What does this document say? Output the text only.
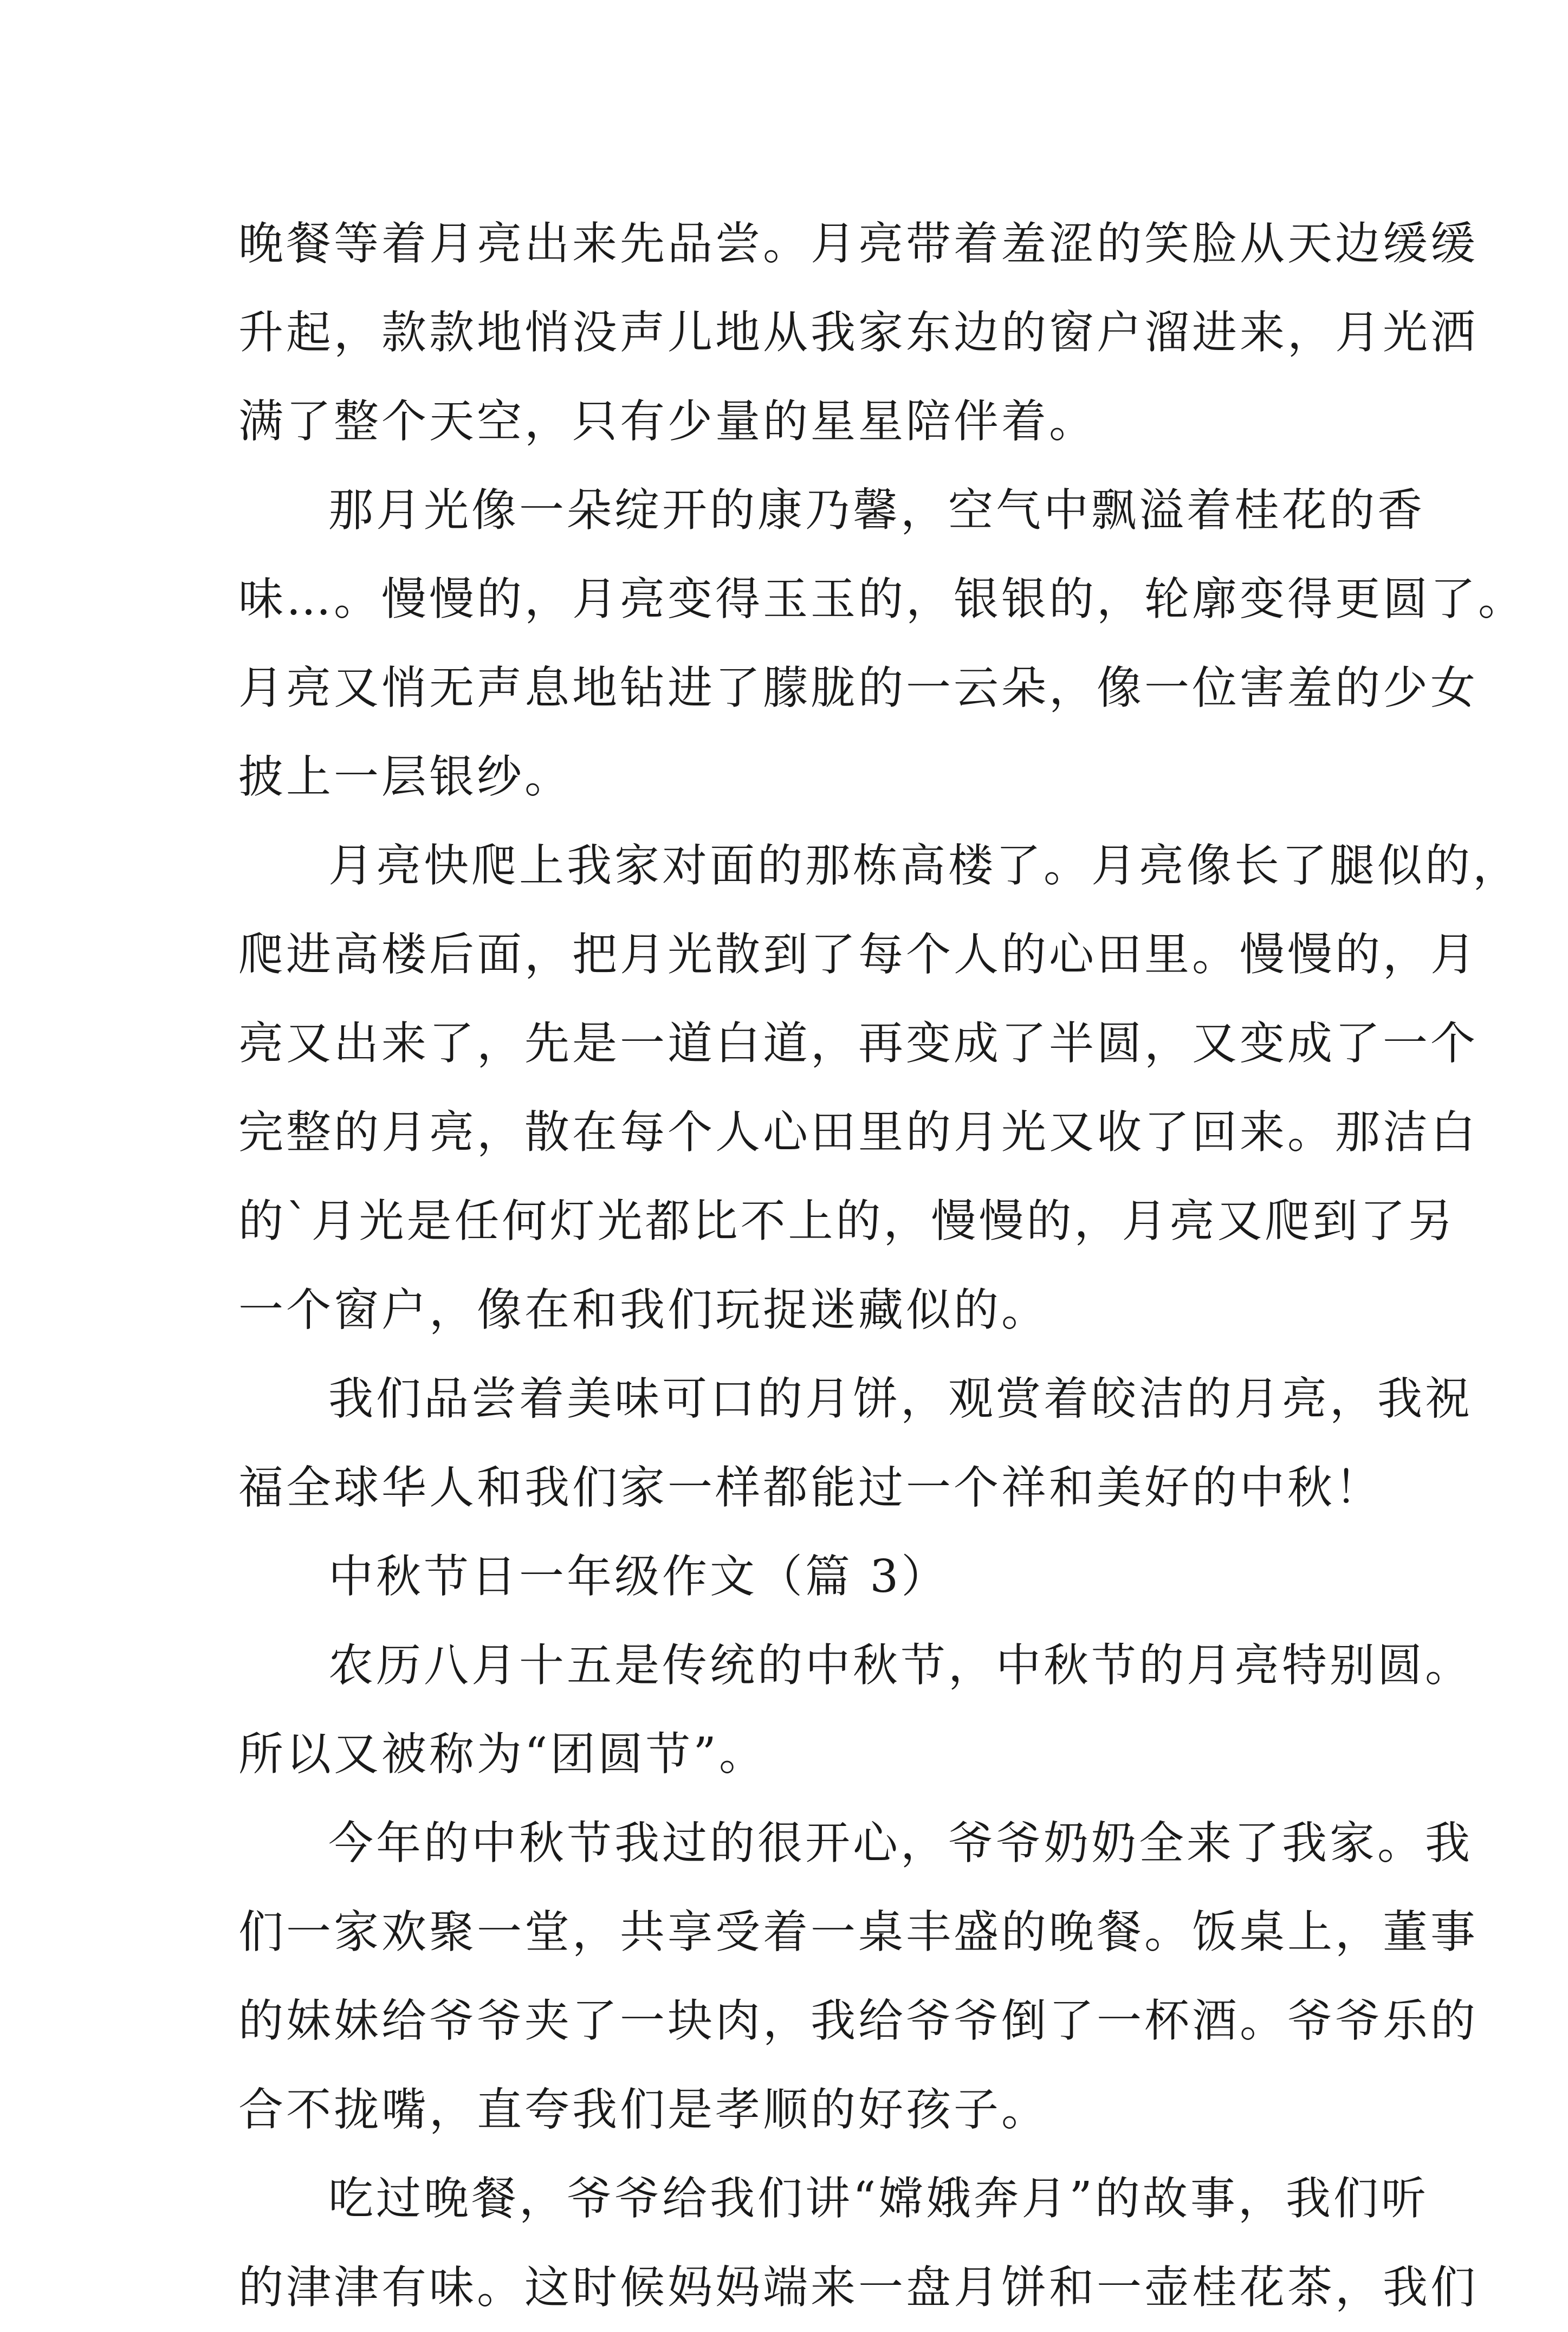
晚餐等着月亮出来先品尝。月亮带着羞涩的笑脸从天边缓缓
升起，款款地悄没声儿地从我家东边的窗户溜进来，月光洒
满了整个天空，只有少量的星星陪伴着。
那月光像一朵绽开的康乃馨，空气中飘溢着桂花的香
味…。慢慢的，月亮变得玉玉的，银银的，轮廓变得更圆了。
月亮又悄无声息地钻进了朦胧的一云朵，像一位害羞的少女
披上一层银纱。
月亮快爬上我家对面的那栋高楼了。月亮像长了腿似的，
爬进高楼后面，把月光散到了每个人的心田里。慢慢的，月
亮又出来了，先是一道白道，再变成了半圆，又变成了一个
完整的月亮，散在每个人心田里的月光又收了回来。那洁白
的`月光是任何灯光都比不上的，慢慢的，月亮又爬到了另
一个窗户，像在和我们玩捉迷藏似的。
我们品尝着美味可口的月饼，观赏着皎洁的月亮，我祝
福全球华人和我们家一样都能过一个祥和美好的中秋！
中秋节日一年级作文（篇 3）
农历八月十五是传统的中秋节，中秋节的月亮特别圆。
所以又被称为“团圆节”。
今年的中秋节我过的很开心，爷爷奶奶全来了我家。我
们一家欢聚一堂，共享受着一桌丰盛的晚餐。饭桌上，董事
的妹妹给爷爷夹了一块肉，我给爷爷倒了一杯酒。爷爷乐的
合不拢嘴，直夸我们是孝顺的好孩子。
吃过晚餐，爷爷给我们讲“嫦娥奔月”的故事，我们听
的津津有味。这时候妈妈端来一盘月饼和一壶桂花茶，我们
